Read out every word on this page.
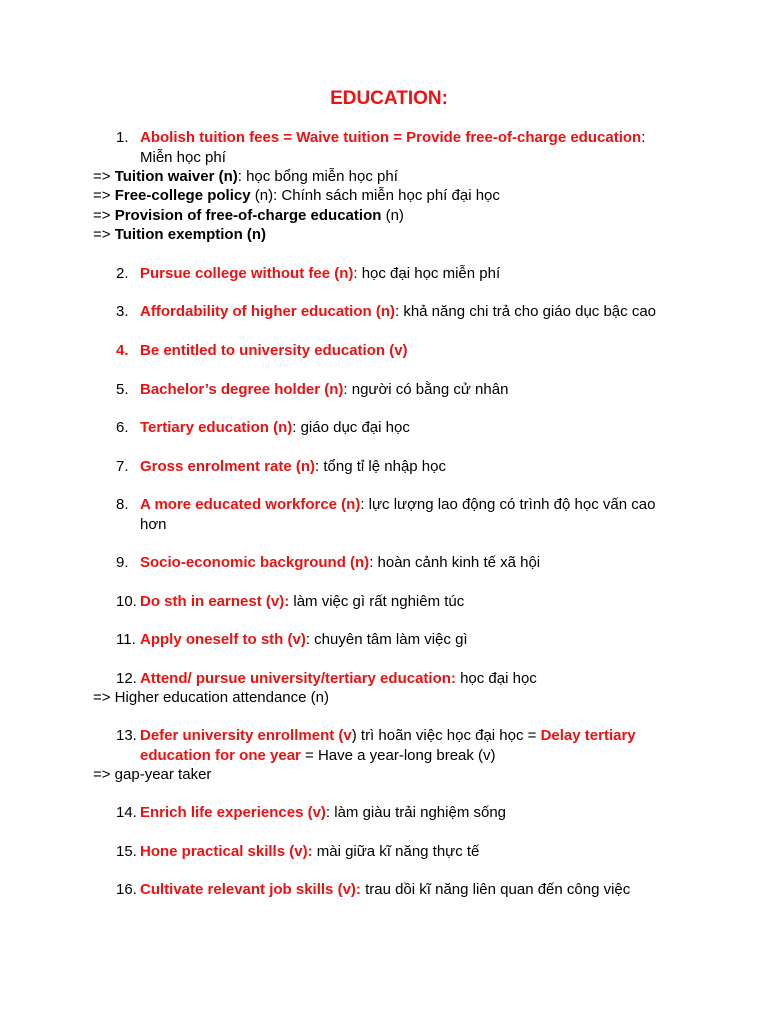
EDUCATION:
1. Abolish tuition fees = Waive tuition = Provide free-of-charge education: Miễn học phí
=> Tuition waiver (n): học bổng miễn học phí
=> Free-college policy (n): Chính sách miễn học phí đại học
=> Provision of free-of-charge education (n)
=> Tuition exemption (n)
2. Pursue college without fee (n): học đại học miễn phí
3. Affordability of higher education (n): khả năng chi trả cho giáo dục bậc cao
4. Be entitled to university education (v)
5. Bachelor’s degree holder (n): người có bằng cử nhân
6. Tertiary education (n): giáo dục đại học
7. Gross enrolment rate (n): tổng tỉ lệ nhập học
8. A more educated workforce (n): lực lượng lao động có trình độ học vấn cao hơn
9. Socio-economic background (n): hoàn cảnh kinh tế xã hội
10. Do sth in earnest (v): làm việc gì rất nghiêm túc
11. Apply oneself to sth (v): chuyên tâm làm việc gì
12. Attend/ pursue university/tertiary education: học đại học
=> Higher education attendance (n)
13. Defer university enrollment (v) trì hoãn việc học đại học = Delay tertiary education for one year = Have a year-long break (v)
=> gap-year taker
14. Enrich life experiences (v): làm giàu trải nghiệm sống
15. Hone practical skills (v): mài giữa kĩ năng thực tế
16. Cultivate relevant job skills (v): trau dồi kĩ năng liên quan đến công việc
